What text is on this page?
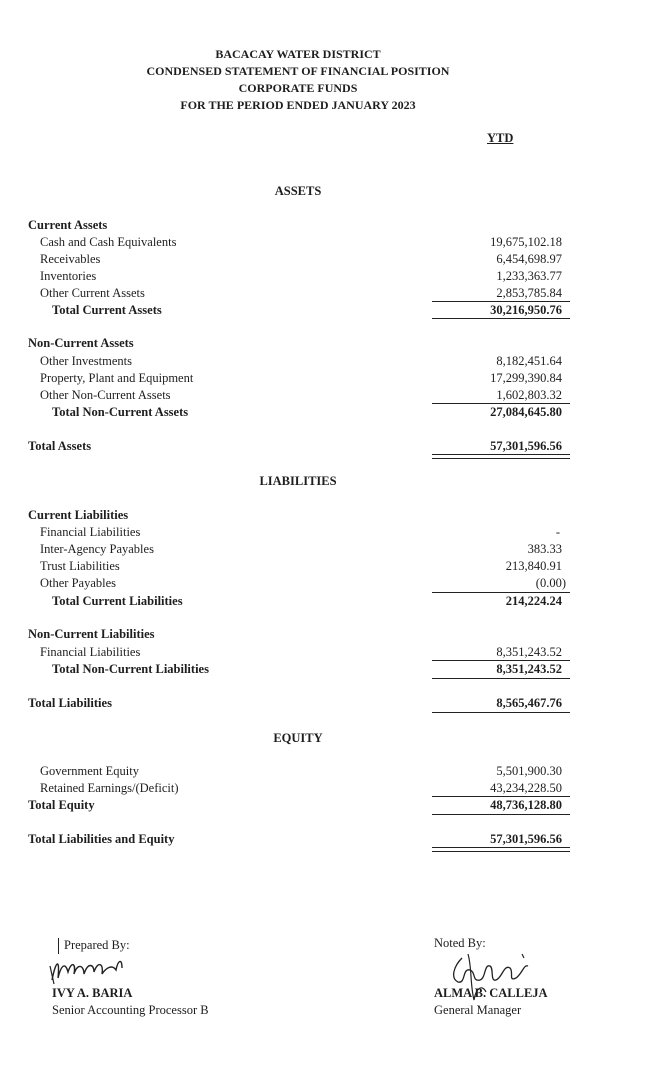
BACACAY WATER DISTRICT
CONDENSED STATEMENT OF FINANCIAL POSITION
CORPORATE FUNDS
FOR THE PERIOD ENDED JANUARY 2023
YTD
ASSETS
Current Assets
Cash and Cash Equivalents	19,675,102.18
Receivables	6,454,698.97
Inventories	1,233,363.77
Other Current Assets	2,853,785.84
Total Current Assets	30,216,950.76
Non-Current Assets
Other Investments	8,182,451.64
Property, Plant and Equipment	17,299,390.84
Other Non-Current Assets	1,602,803.32
Total Non-Current Assets	27,084,645.80
Total Assets	57,301,596.56
LIABILITIES
Current Liabilities
Financial Liabilities	-
Inter-Agency Payables	383.33
Trust Liabilities	213,840.91
Other Payables	(0.00)
Total Current Liabilities	214,224.24
Non-Current Liabilities
Financial Liabilities	8,351,243.52
Total Non-Current Liabilities	8,351,243.52
Total Liabilities	8,565,467.76
EQUITY
Government Equity	5,501,900.30
Retained Earnings/(Deficit)	43,234,228.50
Total Equity	48,736,128.80
Total Liabilities and Equity	57,301,596.56
Prepared By:
IVY A. BARIA
Senior Accounting Processor B
Noted By:
ALMA B. CALLEJA
General Manager
